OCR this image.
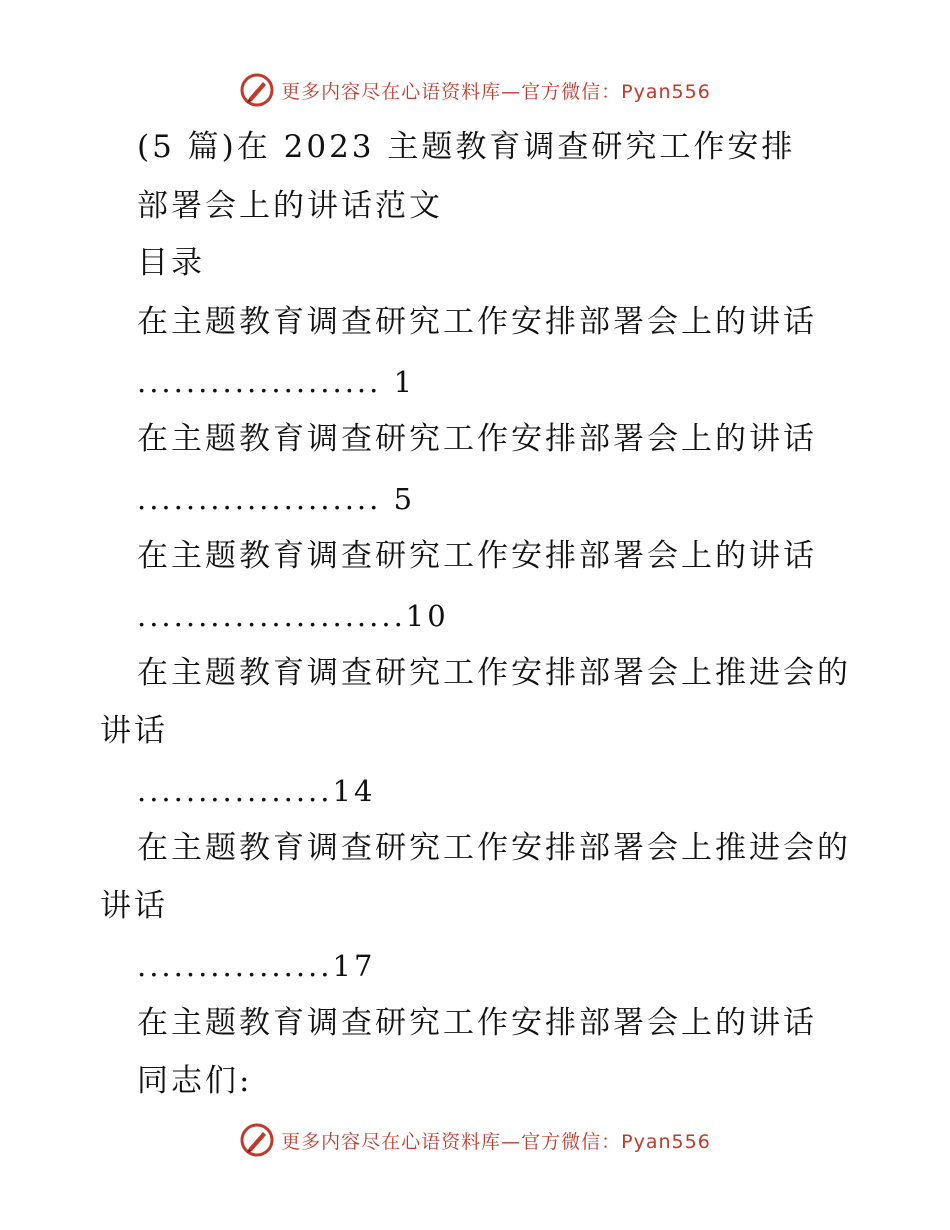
更多内容尽在心语资料库—官方微信：Pyan556
(5 篇)在 2023 主题教育调查研究工作安排
部署会上的讲话范文
目录
在主题教育调查研究工作安排部署会上的讲话
.................... 1
在主题教育调查研究工作安排部署会上的讲话
.................... 5
在主题教育调查研究工作安排部署会上的讲话
......................10
在主题教育调查研究工作安排部署会上推进会的
讲话
................14
在主题教育调查研究工作安排部署会上推进会的
讲话
................17
在主题教育调查研究工作安排部署会上的讲话
同志们:
更多内容尽在心语资料库—官方微信：Pyan556
